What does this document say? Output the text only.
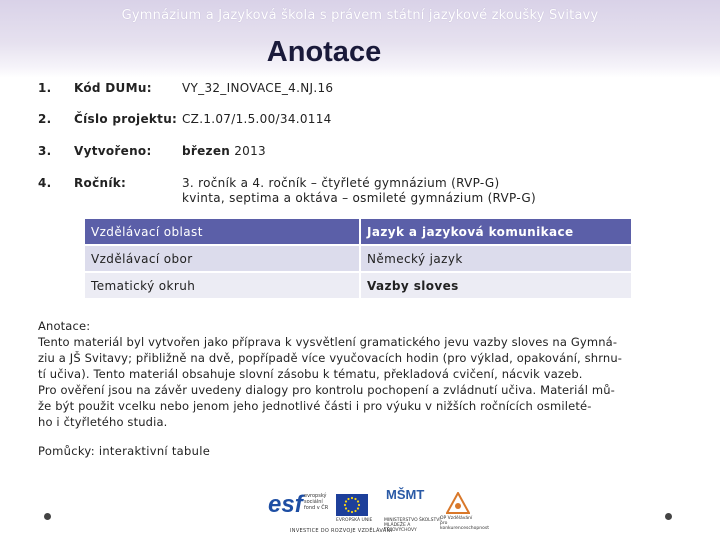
Gymnázium a Jazyková škola s právem státní jazykové zkoušky Svitavy
Anotace
1. Kód DUMu:	VY_32_INOVACE_4.NJ.16
2. Číslo projektu: CZ.1.07/1.5.00/34.0114
3. Vytvořeno:	březen 2013
4. Ročník:	3. ročník a 4. ročník – čtyřleté gymnázium (RVP-G)
kvinta, septima a oktáva – osmileté gymnázium (RVP-G)
Vzdělávací oblast	Jazyk a jazyková komunikace
Vzdělávací obor	Německý jazyk
Tematický okruh	Vazby sloves
Anotace:
Tento materiál byl vytvořen jako příprava k vysvětlení gramatického jevu vazby sloves na Gymná-
ziu a JŠ Svitavy; přibližně na dvě, popřípadě více vyučovacích hodin (pro výklad, opakování, shrnu-
tí učiva). Tento materiál obsahuje slovní zásobu k tématu, překladová cvičení, nácvik vazeb.
Pro ověření jsou na závěr uvedeny dialogy pro kontrolu pochopení a zvládnutí učiva. Materiál mů-
že být použit vcelku nebo jenom jeho jednotlivé části i pro výuku v nižších ročnících osmileté-
ho i čtyřletého studia.
Pomůcky: interaktivní tabule
esf evropský sociální fond v ČR
EVROPSKÁ UNIE
MŠMT
MINISTERSTVO ŠKOLSTVÍ, MLÁDEŽE A TĚLOVÝCHOVY
OP Vzdělávání pro konkurenceschopnost
INVESTICE DO ROZVOJE VZDĚLÁVÁNÍ
